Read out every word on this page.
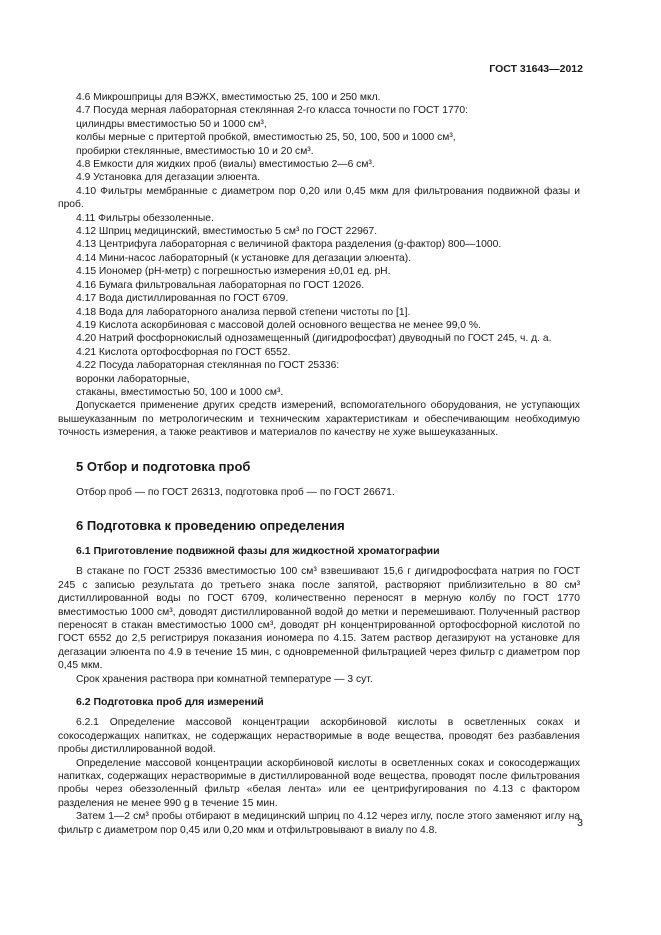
ГОСТ 31643—2012

4.6 Микрошприцы для ВЭЖХ, вместимостью 25, 100 и 250 мкл.

4.7 Посуда мерная лабораторная стеклянная 2-го класса точности по ГОСТ 1770:

цилиндры вместимостью 50 и 1000 см³,

колбы мерные с притертой пробкой, вместимостью 25, 50, 100, 500 и 1000 см³,

пробирки стеклянные, вместимостью 10 и 20 см³.

4.8 Емкости для жидких проб (виалы) вместимостью 2—6 см³.

4.9 Установка для дегазации элюента.

4.10 Фильтры мембранные с диаметром пор 0,20 или 0,45 мкм для фильтрования подвижной фазы и проб.

4.11 Фильтры обеззоленные.

4.12 Шприц медицинский, вместимостью 5 см³ по ГОСТ 22967.

4.13 Центрифуга лабораторная с величиной фактора разделения (g-фактор) 800—1000.

4.14 Мини-насос лабораторный (к установке для дегазации элюента).

4.15 Иономер (pH-метр) с погрешностью измерения ±0,01 ед. pH.

4.16 Бумага фильтровальная лабораторная по ГОСТ 12026.

4.17 Вода дистиллированная по ГОСТ 6709.

4.18 Вода для лабораторного анализа первой степени чистоты по [1].

4.19 Кислота аскорбиновая с массовой долей основного вещества не менее 99,0 %.

4.20 Натрий фосфорнокислый однозамещенный (дигидрофосфат) двуводный по ГОСТ 245, ч. д. а.

4.21 Кислота ортофосфорная по ГОСТ 6552.

4.22 Посуда лабораторная стеклянная по ГОСТ 25336:

воронки лабораторные,

стаканы, вместимостью 50, 100 и 1000 см³.

Допускается применение других средств измерений, вспомогательного оборудования, не уступающих вышеуказанным по метрологическим и техническим характеристикам и обеспечивающим необходимую точность измерения, а также реактивов и материалов по качеству не хуже вышеуказанных.

5 Отбор и подготовка проб

Отбор проб — по ГОСТ 26313, подготовка проб — по ГОСТ 26671.

6 Подготовка к проведению определения
6.1 Приготовление подвижной фазы для жидкостной хроматографии

В стакане по ГОСТ 25336 вместимостью 100 см³ взвешивают 15,6 г дигидрофосфата натрия по ГОСТ 245 с записью результата до третьего знака после запятой, растворяют приблизительно в 80 см³ дистиллированной воды по ГОСТ 6709, количественно переносят в мерную колбу по ГОСТ 1770 вместимостью 1000 см³, доводят дистиллированной водой до метки и перемешивают. Полученный раствор переносят в стакан вместимостью 1000 см³, доводят pH концентрированной ортофосфорной кислотой по ГОСТ 6552 до 2,5 регистрируя показания иономера по 4.15. Затем раствор дегазируют на установке для дегазации элюента по 4.9 в течение 15 мин, с одновременной фильтрацией через фильтр с диаметром пор 0,45 мкм.

Срок хранения раствора при комнатной температуре — 3 сут.

6.2 Подготовка проб для измерений

6.2.1 Определение массовой концентрации аскорбиновой кислоты в осветленных соках и сокосодержащих напитках, не содержащих нерастворимые в воде вещества, проводят без разбавления пробы дистиллированной водой.

Определение массовой концентрации аскорбиновой кислоты в осветленных соках и сокосодержащих напитках, содержащих нерастворимые в дистиллированной воде вещества, проводят после фильтрования пробы через обеззоленный фильтр «белая лента» или ее центрифугирования по 4.13 с фактором разделения не менее 990 g в течение 15 мин.

Затем 1—2 см³ пробы отбирают в медицинский шприц по 4.12 через иглу, после этого заменяют иглу на фильтр с диаметром пор 0,45 или 0,20 мкм и отфильтровывают в виалу по 4.8.

3
